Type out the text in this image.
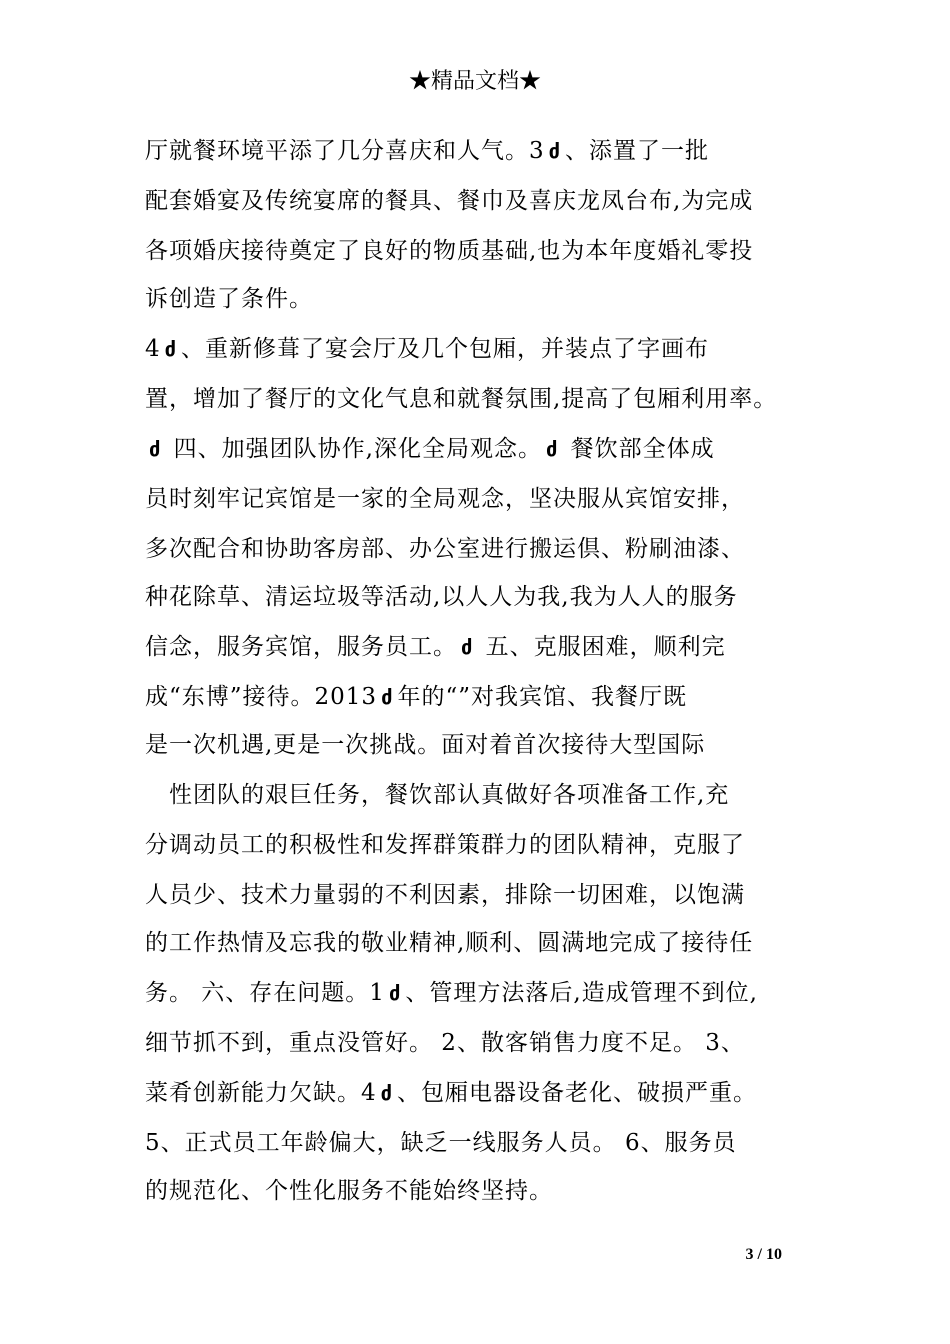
★精品文档★
厅就餐环境平添了几分喜庆和人气。3 ძ 、添置了一批
配套婚宴及传统宴席的餐具、餐巾及喜庆龙凤台布,为完成
各项婚庆接待奠定了良好的物质基础,也为本年度婚礼零投
诉创造了条件。
4 ძ 、重新修葺了宴会厅及几个包厢，并装点了字画布
置，增加了餐厅的文化气息和就餐氛围,提高了包厢利用率。
ძ 四、加强团队协作,深化全局观念。 ძ 餐饮部全体成
员时刻牢记宾馆是一家的全局观念，坚决服从宾馆安排，
多次配合和协助客房部、办公室进行搬运倶、粉刷油漆、
种花除草、清运垃圾等活动,以人人为我,我为人人的服务
信念，服务宾馆，服务员工。 ძ 五、克服困难，顺利完
成“东博”接待。2013 ძ 年的“”对我宾馆、我餐厅既
是一次机遇,更是一次挑战。面对着首次接待大型国际
　性团队的艰巨任务，餐饮部认真做好各项准备工作,充
分调动员工的积极性和发挥群策群力的团队精神，克服了
人员少、技术力量弱的不利因素，排除一切困难，以饱满
的工作热情及忘我的敬业精神,顺利、圆满地完成了接待任
务。 六、存在问题。1 ძ 、管理方法落后,造成管理不到位,
细节抓不到，重点没管好。 2、散客销售力度不足。 3、
菜肴创新能力欠缺。4 ძ 、包厢电器设备老化、破损严重。
5、正式员工年龄偏大，缺乏一线服务人员。 6、服务员
的规范化、个性化服务不能始终坚持。
3 / 10
